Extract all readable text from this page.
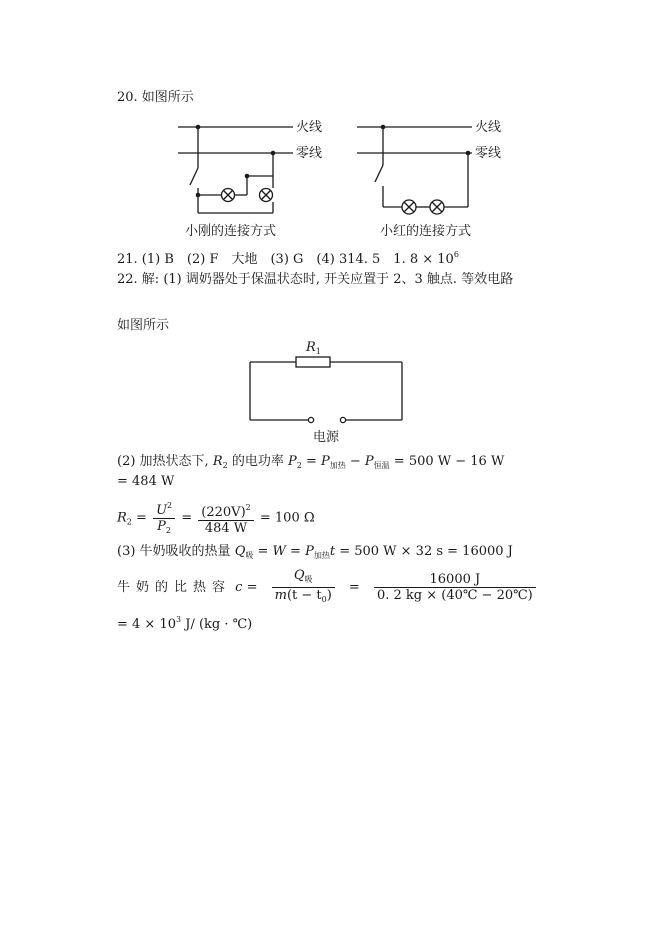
20. 如图所示
火线
零线
火线
零线
小刚的连接方式	小红的连接方式
21. (1) B　(2) F　大地　(3) G　(4) 314. 5　1. $8 \times 10^6$
22. 解: (1) 调奶器处于保温状态时, 开关应置于 2、3 触点. 等效电路
如图所示
$R_1$
电源
(2) 加热状态下, $R_2$ 的电功率 $P_2 = P_{加热} - P_{恒温} = 500$ W − 16 W
= 484 W
$R_2 = \frac{U^2}{P_2} = \frac{(220V)^2}{484 W} = 100$ Ω
(3) 牛奶吸收的热量 $Q_吸 = W = P_{加热}t = 500$ W × 32 s = 16000 J
牛奶的比热容 $c = \frac{Q_吸}{m(t - t_0)} = \frac{16000 J}{0. 2 kg \times (40℃ - 20℃)}$
= $4 \times 10^3$ J/ (kg · ℃)
